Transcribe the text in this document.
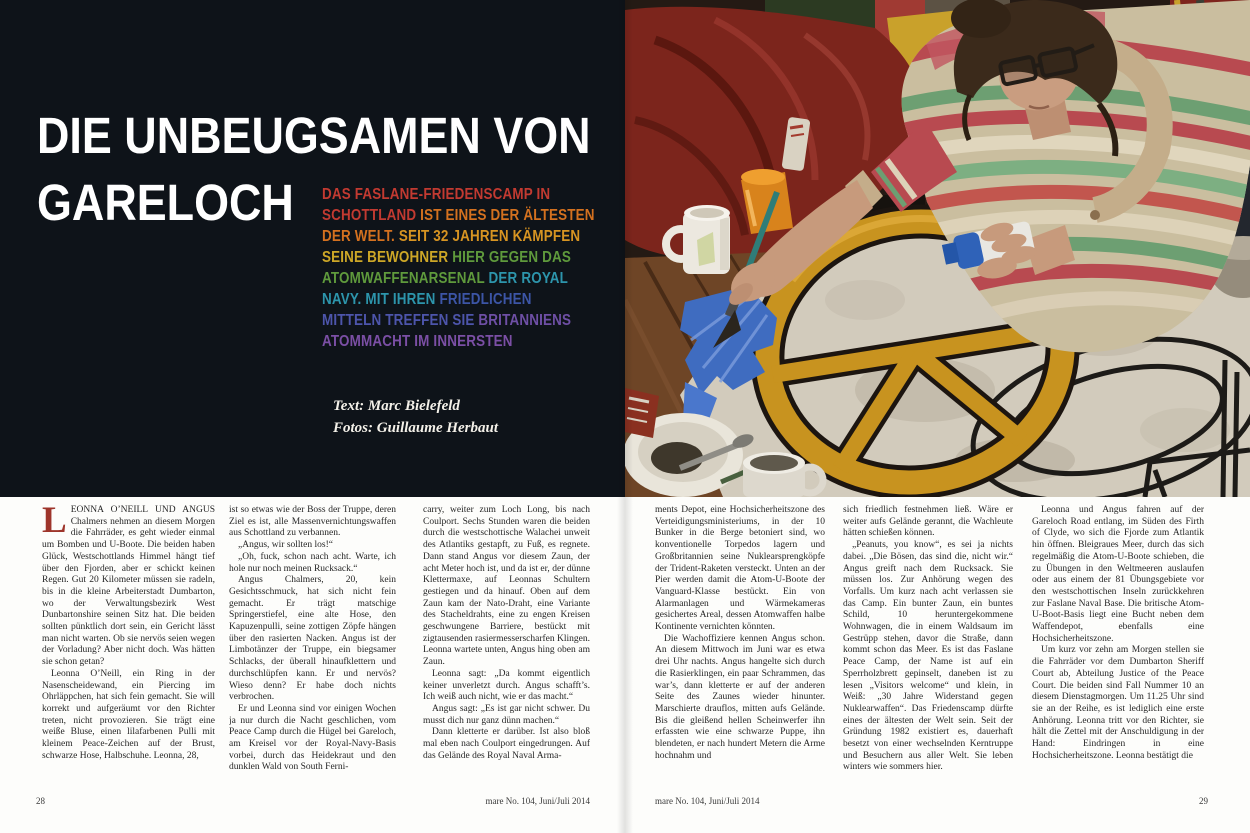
DIE UNBEUGSAMEN VON
GARELOCH DAS FASLANE-FRIEDENSCAMP IN
SCHOTTLAND IST EINES DER ÄLTESTEN
DER WELT. SEIT 32 JAHREN KÄMPFEN
SEINE BEWOHNER HIER GEGEN DAS
ATOMWAFFENARSENAL DER ROYAL
NAVY. MIT IHREN FRIEDLICHEN
MITTELN TREFFEN SIE BRITANNIENS
ATOMMACHT IM INNERSTEN
Text: Marc Bielefeld
Fotos: Guillaume Herbaut

LEONNA O’NEILL UND ANGUS Chalmers nehmen an diesem Morgen die Fahrräder, es geht wieder einmal um Bomben und U-Boote. Die beiden haben Glück, Westschottlands Himmel hängt tief über den Fjorden, aber er schickt keinen Regen. Gut 20 Kilometer müssen sie radeln, bis in die kleine Arbeiterstadt Dumbarton, wo der Verwaltungsbezirk West Dunbartonshire seinen Sitz hat. Die beiden sollten pünktlich dort sein, ein Gericht lässt man nicht warten. Ob sie nervös seien wegen der Vorladung? Aber nicht doch. Was hätten sie schon getan?

Leonna O’Neill, ein Ring in der Nasenscheidewand, ein Piercing im Ohrläppchen, hat sich fein gemacht. Sie will korrekt und aufgeräumt vor den Richter treten, nicht provozieren. Sie trägt eine weiße Bluse, einen lilafarbenen Pulli mit kleinem Peace-Zeichen auf der Brust, schwarze Hose, Halbschuhe. Leonna, 28,

ist so etwas wie der Boss der Truppe, deren Ziel es ist, alle Massenvernichtungswaffen aus Schottland zu verbannen.

„Angus, wir sollten los!“

„Oh, fuck, schon nach acht. Warte, ich hole nur noch meinen Rucksack.“

Angus Chalmers, 20, kein Gesichtsschmuck, hat sich nicht fein gemacht. Er trägt matschige Springerstiefel, eine alte Hose, den Kapuzenpulli, seine zottigen Zöpfe hängen über den rasierten Nacken. Angus ist der Limbotänzer der Truppe, ein biegsamer Schlacks, der überall hinaufklettern und durchschlüpfen kann. Er und nervös? Wieso denn? Er habe doch nichts verbrochen.

Er und Leonna sind vor einigen Wochen ja nur durch die Nacht geschlichen, vom Peace Camp durch die Hügel bei Gareloch, am Kreisel vor der Royal-Navy-Basis vorbei, durch das Heidekraut und den dunklen Wald von South Ferni-

carry, weiter zum Loch Long, bis nach Coulport. Sechs Stunden waren die beiden durch die westschottische Walachei unweit des Atlantiks gestapft, zu Fuß, es regnete. Dann stand Angus vor diesem Zaun, der acht Meter hoch ist, und da ist er, der dünne Klettermaxe, auf Leonnas Schultern gestiegen und da hinauf. Oben auf dem Zaun kam der Nato-Draht, eine Variante des Stacheldrahts, eine zu engen Kreisen geschwungene Barriere, bestückt mit zigtausenden rasiermesserscharfen Klingen. Leonna wartete unten, Angus hing oben am Zaun.

Leonna sagt: „Da kommt eigentlich keiner unverletzt durch. Angus schafft’s. Ich weiß auch nicht, wie er das macht.“

Angus sagt: „Es ist gar nicht schwer. Du musst dich nur ganz dünn machen.“

Dann kletterte er darüber. Ist also bloß mal eben nach Coulport eingedrungen. Auf das Gelände des Royal Naval Arma-

ments Depot, eine Hochsicherheitszone des Verteidigungsministeriums, in der 10 Bunker in die Berge betoniert sind, wo konventionelle Torpedos lagern und Großbritannien seine Nuklearsprengköpfe der Trident-Raketen versteckt. Unten an der Pier werden damit die Atom-U-Boote der Vanguard-Klasse bestückt. Ein von Alarmanlagen und Wärmekameras gesichertes Areal, dessen Atomwaffen halbe Kontinente vernichten könnten.

Die Wachoffiziere kennen Angus schon. An diesem Mittwoch im Juni war es etwa drei Uhr nachts. Angus hangelte sich durch die Rasierklingen, ein paar Schrammen, das war’s, dann kletterte er auf der anderen Seite des Zaunes wieder hinunter. Marschierte drauflos, mitten aufs Gelände. Bis die gleißend hellen Scheinwerfer ihn erfassten wie eine schwarze Puppe, ihn blendeten, er nach hundert Metern die Arme hochnahm und

sich friedlich festnehmen ließ. Wäre er weiter aufs Gelände gerannt, die Wachleute hätten schießen können.

„Peanuts, you know“, es sei ja nichts dabei. „Die Bösen, das sind die, nicht wir.“ Angus greift nach dem Rucksack. Sie müssen los. Zur Anhörung wegen des Vorfalls. Um kurz nach acht verlassen sie das Camp. Ein bunter Zaun, ein buntes Schild, 10 heruntergekommene Wohnwagen, die in einem Waldsaum im Gestrüpp stehen, davor die Straße, dann kommt schon das Meer. Es ist das Faslane Peace Camp, der Name ist auf ein Sperrholzbrett gepinselt, daneben ist zu lesen „Visitors welcome“ und klein, in Weiß: „30 Jahre Widerstand gegen Nuklearwaffen“. Das Friedenscamp dürfte eines der ältesten der Welt sein. Seit der Gründung 1982 existiert es, dauerhaft besetzt von einer wechselnden Kerntruppe und Besuchern aus aller Welt. Sie leben winters wie sommers hier.

Leonna und Angus fahren auf der Gareloch Road entlang, im Süden des Firth of Clyde, wo sich die Fjorde zum Atlantik hin öffnen. Bleigraues Meer, durch das sich regelmäßig die Atom-U-Boote schieben, die zu Übungen in den Weltmeeren auslaufen oder aus einem der 81 Übungsgebiete vor den westschottischen Inseln zurückkehren zur Faslane Naval Base. Die britische Atom-U-Boot-Basis liegt eine Bucht neben dem Waffendepot, ebenfalls eine Hochsicherheitszone.

Um kurz vor zehn am Morgen stellen sie die Fahrräder vor dem Dumbarton Sheriff Court ab, Abteilung Justice of the Peace Court. Die beiden sind Fall Nummer 10 an diesem Dienstagmorgen. Um 11.25 Uhr sind sie an der Reihe, es ist lediglich eine erste Anhörung. Leonna tritt vor den Richter, sie hält die Zettel mit der Anschuldigung in der Hand: Eindringen in eine Hochsicherheitszone. Leonna bestätigt die

28	mare No. 104, Juni/Juli 2014	mare No. 104, Juni/Juli 2014	29
